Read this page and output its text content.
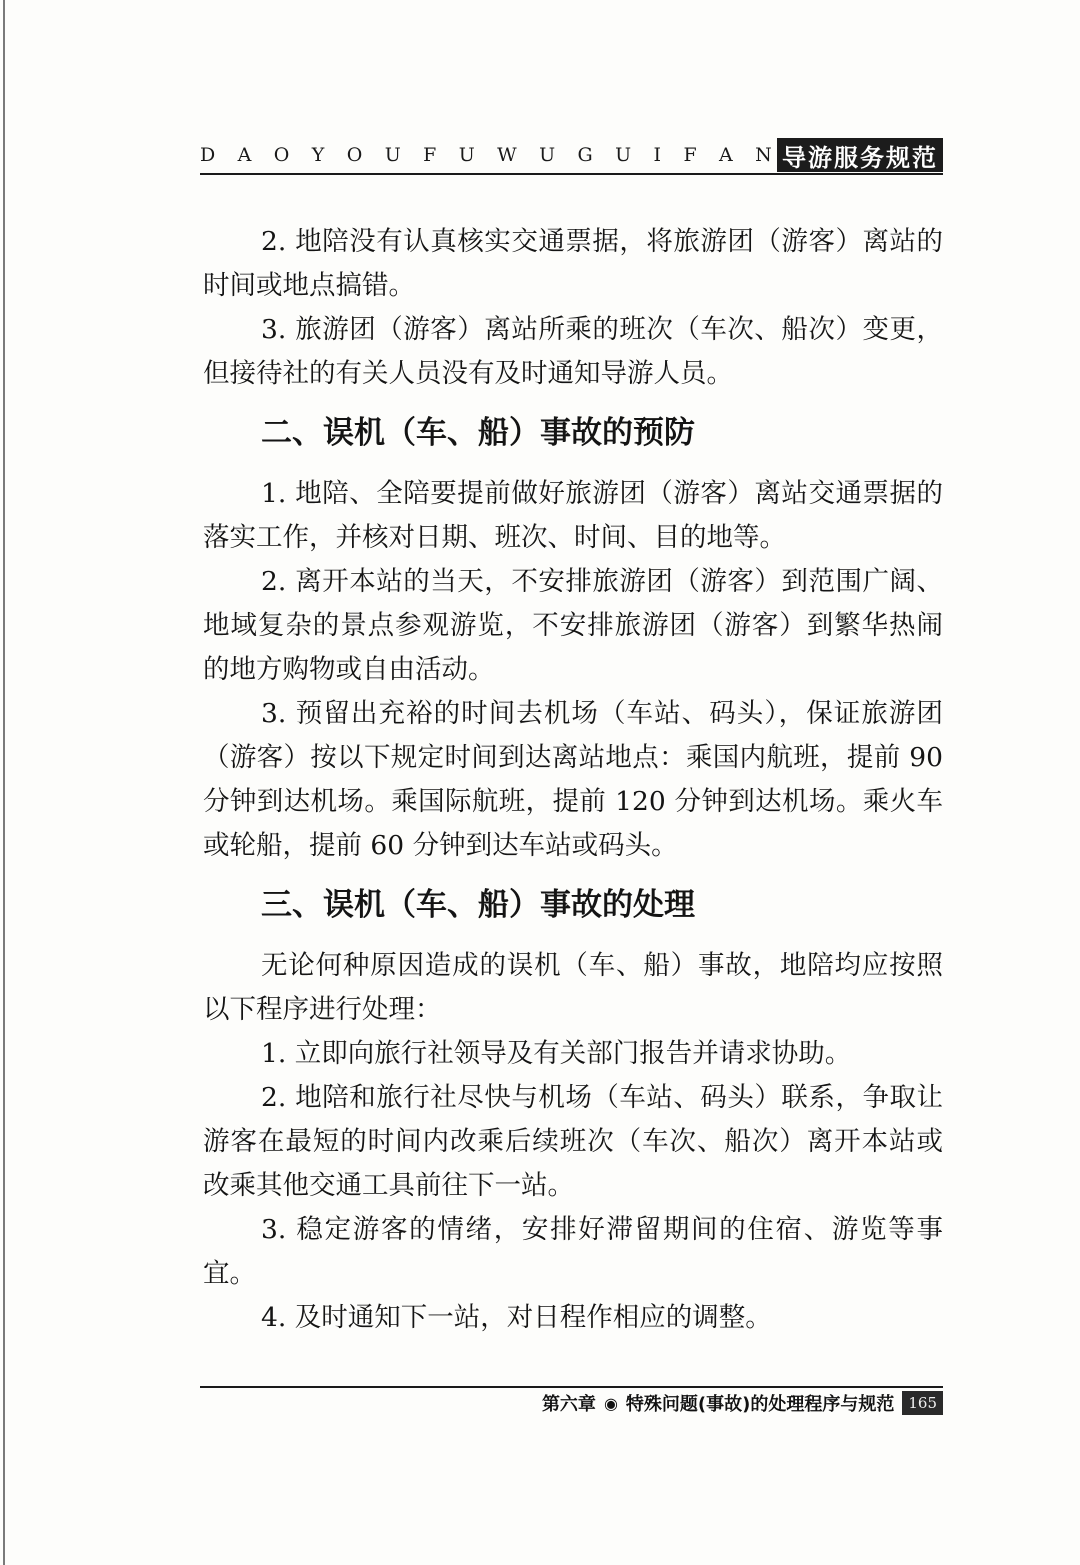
D A O Y O U F U W U G U I F A N 导游服务规范

2. 地陪没有认真核实交通票据，将旅游团（游客）离站的时间或地点搞错。

3. 旅游团（游客）离站所乘的班次（车次、船次）变更，但接待社的有关人员没有及时通知导游人员。

二、误机（车、船）事故的预防

1. 地陪、全陪要提前做好旅游团（游客）离站交通票据的落实工作，并核对日期、班次、时间、目的地等。

2. 离开本站的当天，不安排旅游团（游客）到范围广阔、地域复杂的景点参观游览，不安排旅游团（游客）到繁华热闹的地方购物或自由活动。

3. 预留出充裕的时间去机场（车站、码头），保证旅游团（游客）按以下规定时间到达离站地点：乘国内航班，提前 90 分钟到达机场。乘国际航班，提前 120 分钟到达机场。乘火车或轮船，提前 60 分钟到达车站或码头。

三、误机（车、船）事故的处理

无论何种原因造成的误机（车、船）事故，地陪均应按照以下程序进行处理：

1. 立即向旅行社领导及有关部门报告并请求协助。

2. 地陪和旅行社尽快与机场（车站、码头）联系，争取让游客在最短的时间内改乘后续班次（车次、船次）离开本站或改乘其他交通工具前往下一站。

3. 稳定游客的情绪，安排好滞留期间的住宿、游览等事宜。

4. 及时通知下一站，对日程作相应的调整。

第六章 ◉ 特殊问题(事故)的处理程序与规范 165
